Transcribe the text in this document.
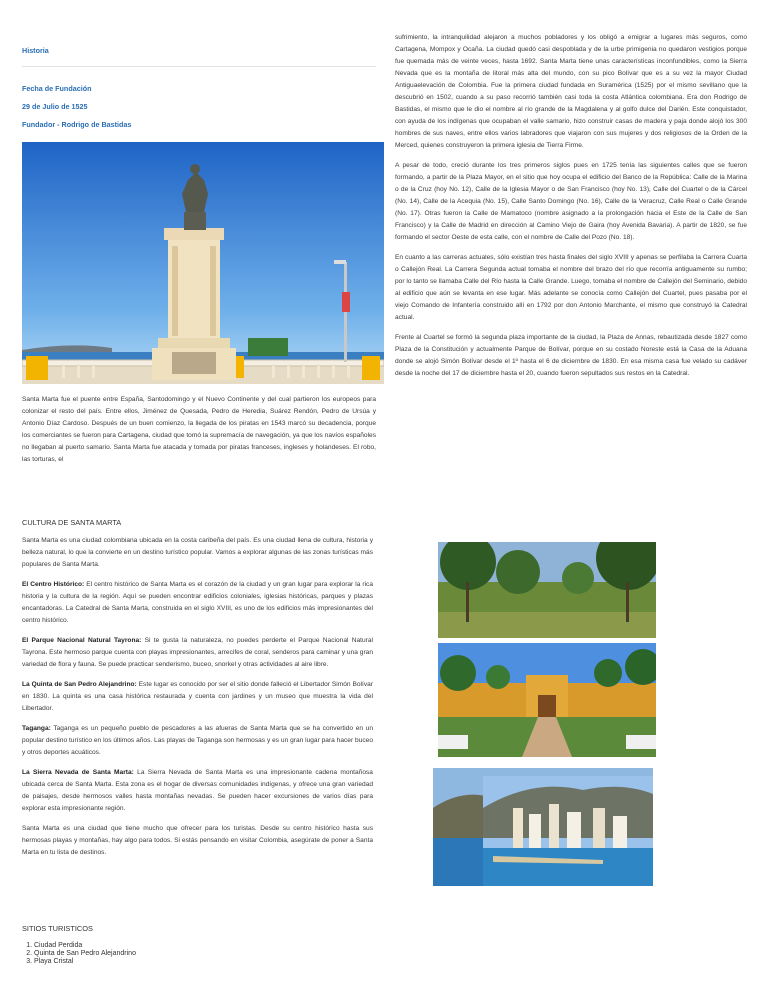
Historia
Fecha de Fundación
29 de Julio de 1525
Fundador - Rodrigo de Bastidas
Santa Marta fue el puente entre España, Santodomingo y el Nuevo Continente y del cual partieron los europeos para colonizar el resto del país. Entre ellos, Jiménez de Quesada, Pedro de Heredia, Suárez Rendón, Pedro de Ursúa y Antonio Díaz Cardoso. Después de un buen comienzo, la llegada de los piratas en 1543 marcó su decadencia, porque los comerciantes se fueron para Cartagena, ciudad que tomó la supremacía de navegación, ya que los navíos españoles no llegaban al puerto samario. Santa Marta fue atacada y tomada por piratas franceses, ingleses y holandeses. El robo, las torturas, el

sufrimiento, la intranquilidad alejaron a muchos pobladores y los obligó a emigrar a lugares más seguros, como Cartagena, Mompox y Ocaña. La ciudad quedó casi despoblada y de la urbe primigenia no quedaron vestigios porque fue quemada más de veinte veces, hasta 1692. Santa Marta tiene unas características inconfundibles, como la Sierra Nevada que es la montaña de litoral más alta del mundo, con su pico Bolívar que es a su vez la mayor Ciudad Antiguaelevación de Colombia. Fue la primera ciudad fundada en Suramérica (1525) por el mismo sevillano que la descubrió en 1502, cuando a su paso recorrió también casi toda la costa Atlántica colombiana. Era don Rodrigo de Bastidas, el mismo que le dio el nombre al río grande de la Magdalena y al golfo dulce del Darién. Este conquistador, con ayuda de los indígenas que ocupaban el valle samario, hizo construir casas de madera y paja donde alojó los 300 hombres de sus naves, entre ellos varios labradores que viajaron con sus mujeres y dos religiosos de la Orden de la Merced, quienes construyeron la primera iglesia de Tierra Firme.

A pesar de todo, creció durante los tres primeros siglos pues en 1725 tenía las siguientes calles que se fueron formando, a partir de la Plaza Mayor, en el sitio que hoy ocupa el edificio del Banco de la República: Calle de la Marina o de la Cruz (hoy No. 12), Calle de la Iglesia Mayor o de San Francisco (hoy No. 13), Calle del Cuartel o de la Cárcel (No. 14), Calle de la Acequia (No. 15), Calle Santo Domingo (No. 16), Calle de la Veracruz, Calle Real o Calle Grande (No. 17). Otras fueron la Calle de Mamatoco (nombre asignado a la prolongación hacia el Este de la Calle de San Francisco) y la Calle de Madrid en dirección al Camino Viejo de Gaira (hoy Avenida Bavaria). A partir de 1820, se fue formando el sector Oeste de esta calle, con el nombre de Calle del Pozo (No. 18).

En cuanto a las carreras actuales, sólo existían tres hasta finales del siglo XVIII y apenas se perfilaba la Carrera Cuarta o Callejón Real. La Carrera Segunda actual tomaba el nombre del brazo del río que recorría antiguamente su rumbo; por lo tanto se llamaba Calle del Río hasta la Calle Grande. Luego, tomaba el nombre de Callejón del Seminario, debido al edificio que aún se levanta en ese lugar. Más adelante se conocía como Callejón del Cuartel, pues pasaba por el viejo Comando de Infantería construido allí en 1792 por don Antonio Marchante, el mismo que construyó la Catedral actual.

Frente al Cuartel se formó la segunda plaza importante de la ciudad, la Plaza de Annas, rebautizada desde 1827 como Plaza de la Constitución y actualmente Parque de Bolívar, porque en su costado Noreste está la Casa de la Aduana donde se alojó Simón Bolívar desde el 1º hasta el 6 de diciembre de 1830. En esa misma casa fue velado su cadáver desde la noche del 17 de diciembre hasta el 20, cuando fueron sepultados sus restos en la Catedral.

CULTURA DE SANTA MARTA

Santa Marta es una ciudad colombiana ubicada en la costa caribeña del país. Es una ciudad llena de cultura, historia y belleza natural, lo que la convierte en un destino turístico popular. Vamos a explorar algunas de las zonas turísticas más populares de Santa Marta.

El Centro Histórico: El centro histórico de Santa Marta es el corazón de la ciudad y un gran lugar para explorar la rica historia y la cultura de la región. Aquí se pueden encontrar edificios coloniales, iglesias históricas, parques y plazas encantadoras. La Catedral de Santa Marta, construida en el siglo XVIII, es uno de los edificios más impresionantes del centro histórico.

El Parque Nacional Natural Tayrona: Si te gusta la naturaleza, no puedes perderte el Parque Nacional Natural Tayrona. Este hermoso parque cuenta con playas impresionantes, arrecifes de coral, senderos para caminar y una gran variedad de flora y fauna. Se puede practicar senderismo, buceo, snorkel y otras actividades al aire libre.

La Quinta de San Pedro Alejandrino: Este lugar es conocido por ser el sitio donde falleció el Libertador Simón Bolívar en 1830. La quinta es una casa histórica restaurada y cuenta con jardines y un museo que muestra la vida del Libertador.

Taganga: Taganga es un pequeño pueblo de pescadores a las afueras de Santa Marta que se ha convertido en un popular destino turístico en los últimos años. Las playas de Taganga son hermosas y es un gran lugar para hacer buceo y otros deportes acuáticos.

La Sierra Nevada de Santa Marta: La Sierra Nevada de Santa Marta es una impresionante cadena montañosa ubicada cerca de Santa Marta. Esta zona es el hogar de diversas comunidades indígenas, y ofrece una gran variedad de paisajes, desde hermosos valles hasta montañas nevadas. Se pueden hacer excursiones de varios días para explorar esta impresionante región.

Santa Marta es una ciudad que tiene mucho que ofrecer para los turistas. Desde su centro histórico hasta sus hermosas playas y montañas, hay algo para todos. Si estás pensando en visitar Colombia, asegúrate de poner a Santa Marta en tu lista de destinos.

SITIOS TURISTICOS
1. Ciudad Perdida
2. Quinta de San Pedro Alejandrino
3. Playa Cristal
